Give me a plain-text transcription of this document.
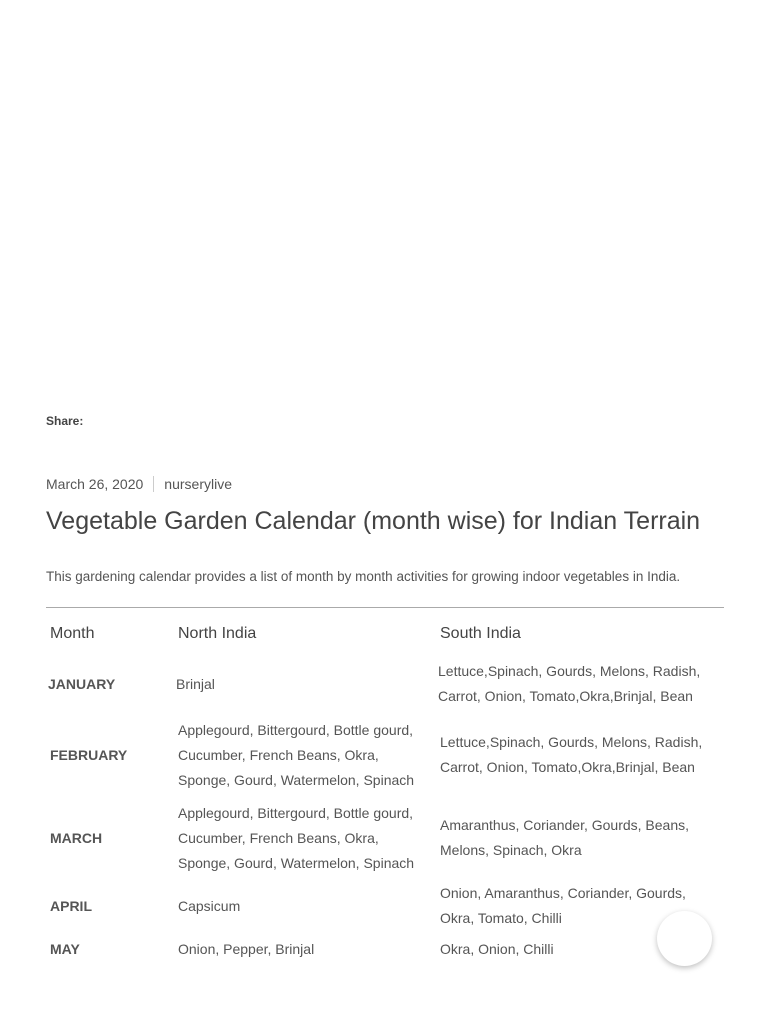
Share:
March 26, 2020 nurserylive
Vegetable Garden Calendar (month wise) for Indian Terrain

This gardening calendar provides a list of month by month activities for growing indoor vegetables in India.

Month	North India	South India
JANUARY	Brinjal	Lettuce,Spinach, Gourds, Melons, Radish, Carrot, Onion, Tomato,Okra,Brinjal, Bean
FEBRUARY	Applegourd, Bittergourd, Bottle gourd, Cucumber, French Beans, Okra, Sponge, Gourd, Watermelon, Spinach	Lettuce,Spinach, Gourds, Melons, Radish, Carrot, Onion, Tomato,Okra,Brinjal, Bean
MARCH	Applegourd, Bittergourd, Bottle gourd, Cucumber, French Beans, Okra, Sponge, Gourd, Watermelon, Spinach	Amaranthus, Coriander, Gourds, Beans, Melons, Spinach, Okra
APRIL	Capsicum	Onion, Amaranthus, Coriander, Gourds, Okra, Tomato, Chilli
MAY	Onion, Pepper, Brinjal	Okra, Onion, Chilli
